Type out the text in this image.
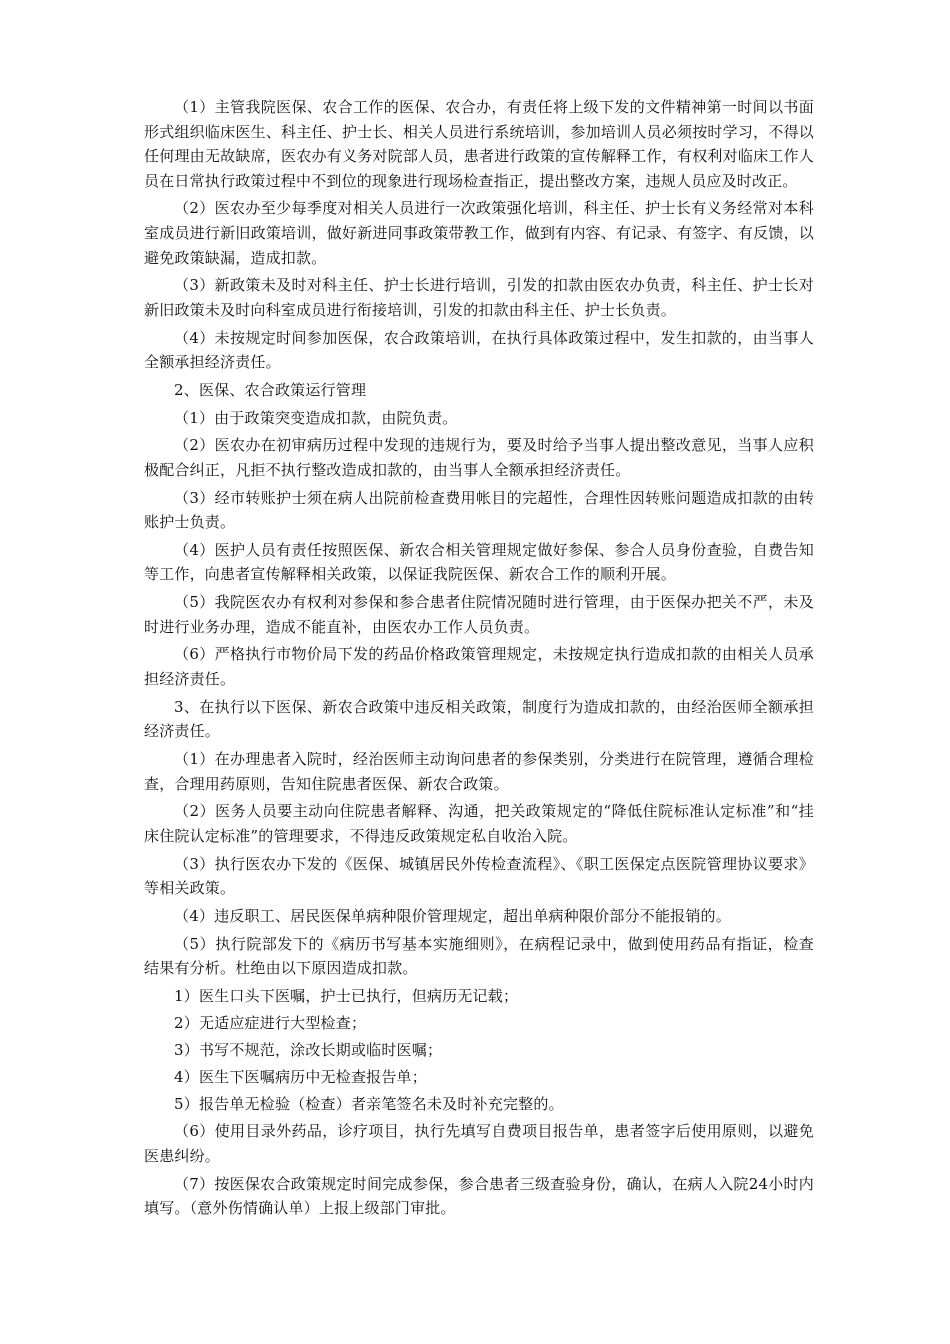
（1）主管我院医保、农合工作的医保、农合办，有责任将上级下发的文件精神第一时间以书面形式组织临床医生、科主任、护士长、相关人员进行系统培训，参加培训人员必须按时学习，不得以任何理由无故缺席，医农办有义务对院部人员，患者进行政策的宣传解释工作，有权利对临床工作人员在日常执行政策过程中不到位的现象进行现场检查指正，提出整改方案，违规人员应及时改正。

（2）医农办至少每季度对相关人员进行一次政策强化培训，科主任、护士长有义务经常对本科室成员进行新旧政策培训，做好新进同事政策带教工作，做到有内容、有记录、有签字、有反馈，以避免政策缺漏，造成扣款。

（3）新政策未及时对科主任、护士长进行培训，引发的扣款由医农办负责，科主任、护士长对新旧政策未及时向科室成员进行衔接培训，引发的扣款由科主任、护士长负责。

（4）未按规定时间参加医保，农合政策培训，在执行具体政策过程中，发生扣款的，由当事人全额承担经济责任。

2、医保、农合政策运行管理

（1）由于政策突变造成扣款，由院负责。

（2）医农办在初审病历过程中发现的违规行为，要及时给予当事人提出整改意见，当事人应积极配合纠正，凡拒不执行整改造成扣款的，由当事人全额承担经济责任。

（3）经市转账护士须在病人出院前检查费用帐目的完超性，合理性因转账问题造成扣款的由转账护士负责。

（4）医护人员有责任按照医保、新农合相关管理规定做好参保、参合人员身份查验，自费告知等工作，向患者宣传解释相关政策，以保证我院医保、新农合工作的顺利开展。

（5）我院医农办有权利对参保和参合患者住院情况随时进行管理，由于医保办把关不严，未及时进行业务办理，造成不能直补，由医农办工作人员负责。

（6）严格执行市物价局下发的药品价格政策管理规定，未按规定执行造成扣款的由相关人员承担经济责任。

3、在执行以下医保、新农合政策中违反相关政策，制度行为造成扣款的，由经治医师全额承担经济责任。

（1）在办理患者入院时，经治医师主动询问患者的参保类别，分类进行在院管理，遵循合理检查，合理用药原则，告知住院患者医保、新农合政策。

（2）医务人员要主动向住院患者解释、沟通，把关政策规定的“降低住院标准认定标准”和“挂床住院认定标准”的管理要求，不得违反政策规定私自收治入院。

（3）执行医农办下发的《医保、城镇居民外传检查流程》、《职工医保定点医院管理协议要求》等相关政策。

（4）违反职工、居民医保单病种限价管理规定，超出单病种限价部分不能报销的。

（5）执行院部发下的《病历书写基本实施细则》，在病程记录中，做到使用药品有指证，检查结果有分析。杜绝由以下原因造成扣款。

1）医生口头下医嘱，护士已执行，但病历无记载；

2）无适应症进行大型检查；

3）书写不规范，涂改长期或临时医嘱；

4）医生下医嘱病历中无检查报告单；

5）报告单无检验（检查）者亲笔签名未及时补充完整的。

（6）使用目录外药品，诊疗项目，执行先填写自费项目报告单，患者签字后使用原则，以避免医患纠纷。

（7）按医保农合政策规定时间完成参保，参合患者三级查验身份，确认，在病人入院24小时内填写。（意外伤情确认单）上报上级部门审批。
